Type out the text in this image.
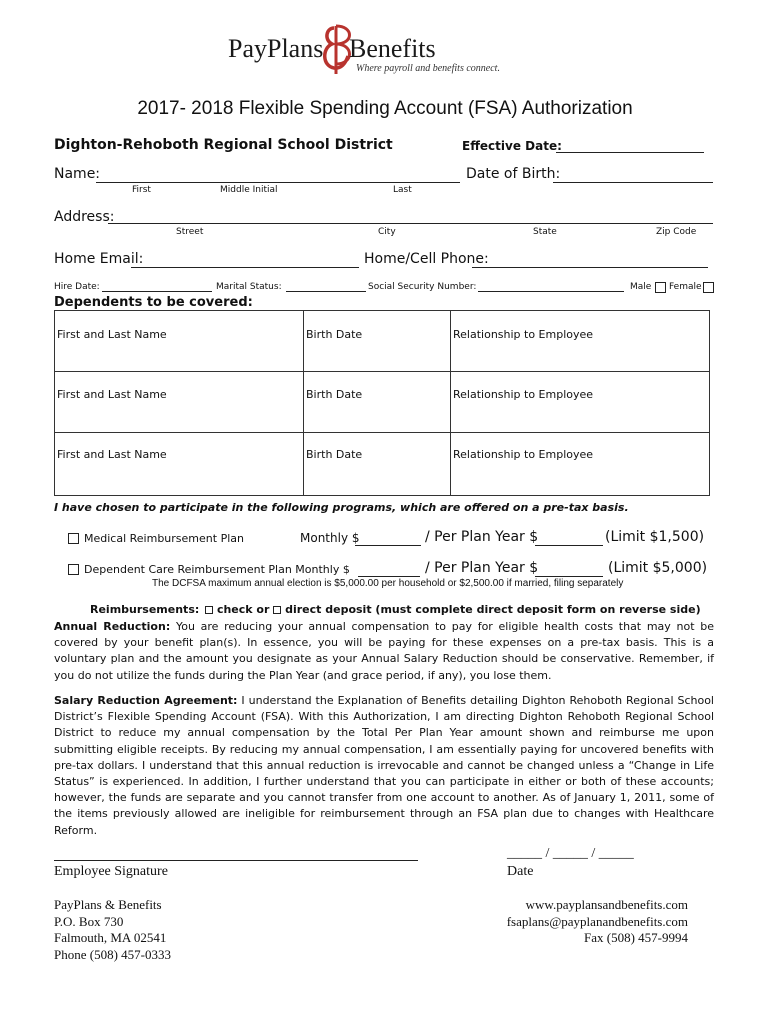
PayPlans Benefits
Where payroll and benefits connect.
2017- 2018 Flexible Spending Account (FSA) Authorization
Dighton-Rehoboth Regional School District	Effective Date:
Name:	Date of Birth:
First	Middle Initial	Last
Address:
Street	City	State	Zip Code
Home Email:	Home/Cell Phone:
Hire Date:	Marital Status:	Social Security Number:	Male Female
Dependents to be covered:
First and Last Name	Birth Date	Relationship to Employee
First and Last Name	Birth Date	Relationship to Employee
First and Last Name	Birth Date	Relationship to Employee
I have chosen to participate in the following programs, which are offered on a pre-tax basis.
Medical Reimbursement Plan	Monthly $	/ Per Plan Year $	(Limit $1,500)
Dependent Care Reimbursement Plan Monthly $	/ Per Plan Year $	(Limit $5,000)
The DCFSA maximum annual election is $5,000.00 per household or $2,500.00 if married, filing separately
Reimbursements: check or direct deposit (must complete direct deposit form on reverse side)
Annual Reduction: You are reducing your annual compensation to pay for eligible health costs that may not be covered by your benefit plan(s). In essence, you will be paying for these expenses on a pre-tax basis. This is a voluntary plan and the amount you designate as your Annual Salary Reduction should be conservative. Remember, if you do not utilize the funds during the Plan Year (and grace period, if any), you lose them.
Salary Reduction Agreement: I understand the Explanation of Benefits detailing Dighton Rehoboth Regional School District’s Flexible Spending Account (FSA). With this Authorization, I am directing Dighton Rehoboth Regional School District to reduce my annual compensation by the Total Per Plan Year amount shown and reimburse me upon submitting eligible receipts. By reducing my annual compensation, I am essentially paying for uncovered benefits with pre-tax dollars. I understand that this annual reduction is irrevocable and cannot be changed unless a “Change in Life Status” is experienced. In addition, I further understand that you can participate in either or both of these accounts; however, the funds are separate and you cannot transfer from one account to another. As of January 1, 2011, some of the items previously allowed are ineligible for reimbursement through an FSA plan due to changes with Healthcare Reform.
Employee Signature
_____ / _____ / _____
Date
PayPlans & Benefits
P.O. Box 730
Falmouth, MA 02541
Phone (508) 457-0333
www.payplansandbenefits.com
fsaplans@payplanandbenefits.com
Fax (508) 457-9994
